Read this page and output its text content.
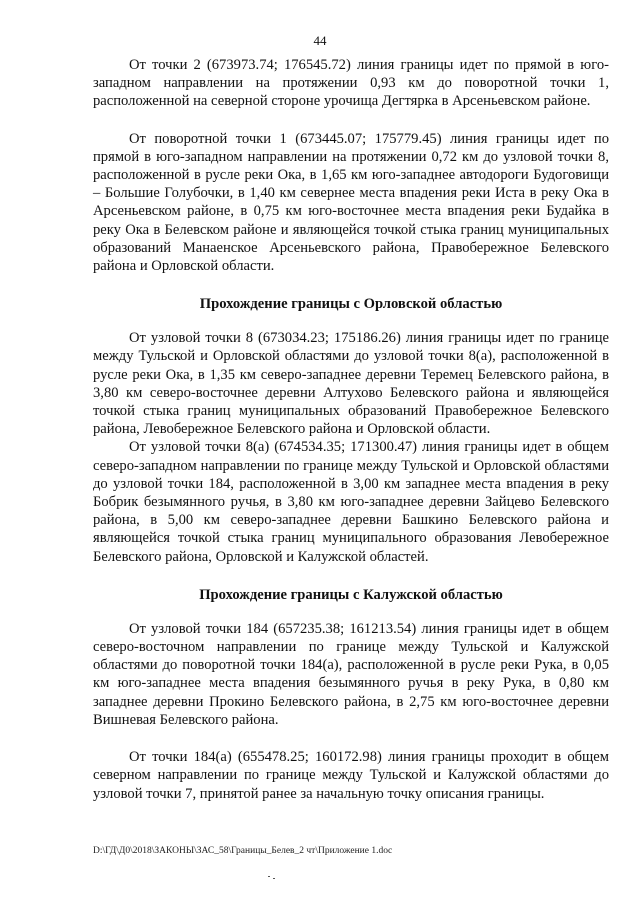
44

От точки 2 (673973.74; 176545.72) линия границы идет по прямой в юго-западном направлении на протяжении 0,93 км до поворотной точки 1, расположенной на северной стороне урочища Дегтярка в Арсеньевском районе.

От поворотной точки 1 (673445.07; 175779.45) линия границы идет по прямой в юго-западном направлении на протяжении 0,72 км до узловой точки 8, расположенной в русле реки Ока, в 1,65 км юго-западнее автодороги Будоговищи – Большие Голубочки, в 1,40 км севернее места впадения реки Иста в реку Ока в Арсеньевском районе, в 0,75 км юго-восточнее места впадения реки Будайка в реку Ока в Белевском районе и являющейся точкой стыка границ муниципальных образований Манаенское Арсеньевского района, Правобережное Белевского района и Орловской области.

Прохождение границы с Орловской областью

От узловой точки 8 (673034.23; 175186.26) линия границы идет по границе между Тульской и Орловской областями до узловой точки 8(а), расположенной в русле реки Ока, в 1,35 км северо-западнее деревни Теремец Белевского района, в 3,80 км северо-восточнее деревни Алтухово Белевского района и являющейся точкой стыка границ муниципальных образований Правобережное Белевского района, Левобережное Белевского района и Орловской области.

От узловой точки 8(а) (674534.35; 171300.47) линия границы идет в общем северо-западном направлении по границе между Тульской и Орловской областями до узловой точки 184, расположенной в 3,00 км западнее места впадения в реку Бобрик безымянного ручья, в 3,80 км юго-западнее деревни Зайцево Белевского района, в 5,00 км северо-западнее деревни Башкино Белевского района и являющейся точкой стыка границ муниципального образования Левобережное Белевского района, Орловской и Калужской областей.

Прохождение границы с Калужской областью

От узловой точки 184 (657235.38; 161213.54) линия границы идет в общем северо-восточном направлении по границе между Тульской и Калужской областями до поворотной точки 184(а), расположенной в русле реки Рука, в 0,05 км юго-западнее места впадения безымянного ручья в реку Рука, в 0,80 км западнее деревни Прокино Белевского района, в 2,75 км юго-восточнее деревни Вишневая Белевского района.

От точки 184(а) (655478.25; 160172.98) линия границы проходит в общем северном направлении по границе между Тульской и Калужской областями до узловой точки 7, принятой ранее за начальную точку описания границы.

D:\ГД\Д0\2018\ЗАКОНЫ\ЗАС_58\Границы_Белев_2 чт\Приложение 1.doc
